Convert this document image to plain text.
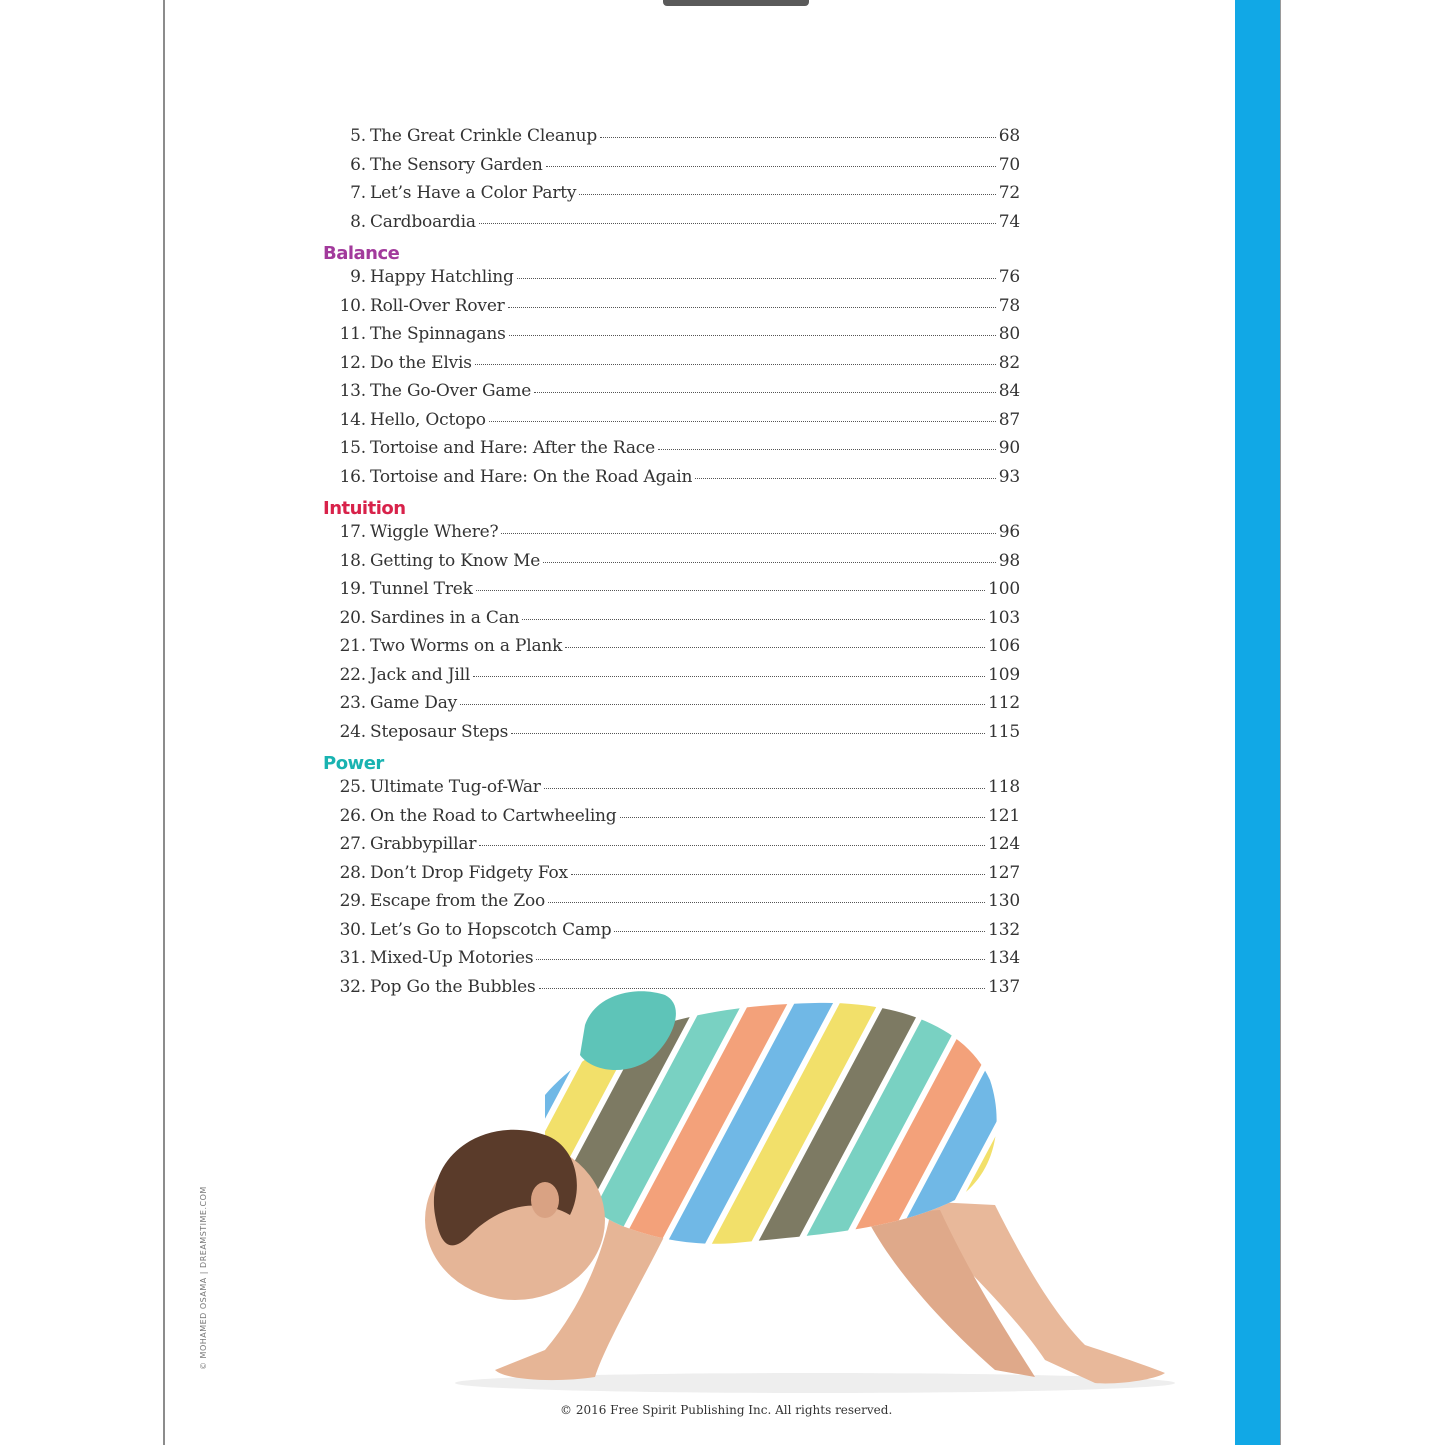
5. The Great Crinkle Cleanup	68
6. The Sensory Garden	70
7. Let’s Have a Color Party	72
8. Cardboardia	74
Balance
9. Happy Hatchling	76
10. Roll-Over Rover	78
11. The Spinnagans	80
12. Do the Elvis	82
13. The Go-Over Game	84
14. Hello, Octopo	87
15. Tortoise and Hare: After the Race	90
16. Tortoise and Hare: On the Road Again	93
Intuition
17. Wiggle Where?	96
18. Getting to Know Me	98
19. Tunnel Trek	100
20. Sardines in a Can	103
21. Two Worms on a Plank	106
22. Jack and Jill	109
23. Game Day	112
24. Steposaur Steps	115
Power
25. Ultimate Tug-of-War	118
26. On the Road to Cartwheeling	121
27. Grabbypillar	124
28. Don’t Drop Fidgety Fox	127
29. Escape from the Zoo	130
30. Let’s Go to Hopscotch Camp	132
31. Mixed-Up Motories	134
32. Pop Go the Bubbles	137
© MOHAMED OSAMA | DREAMSTIME.COM
© 2016 Free Spirit Publishing Inc. All rights reserved.
